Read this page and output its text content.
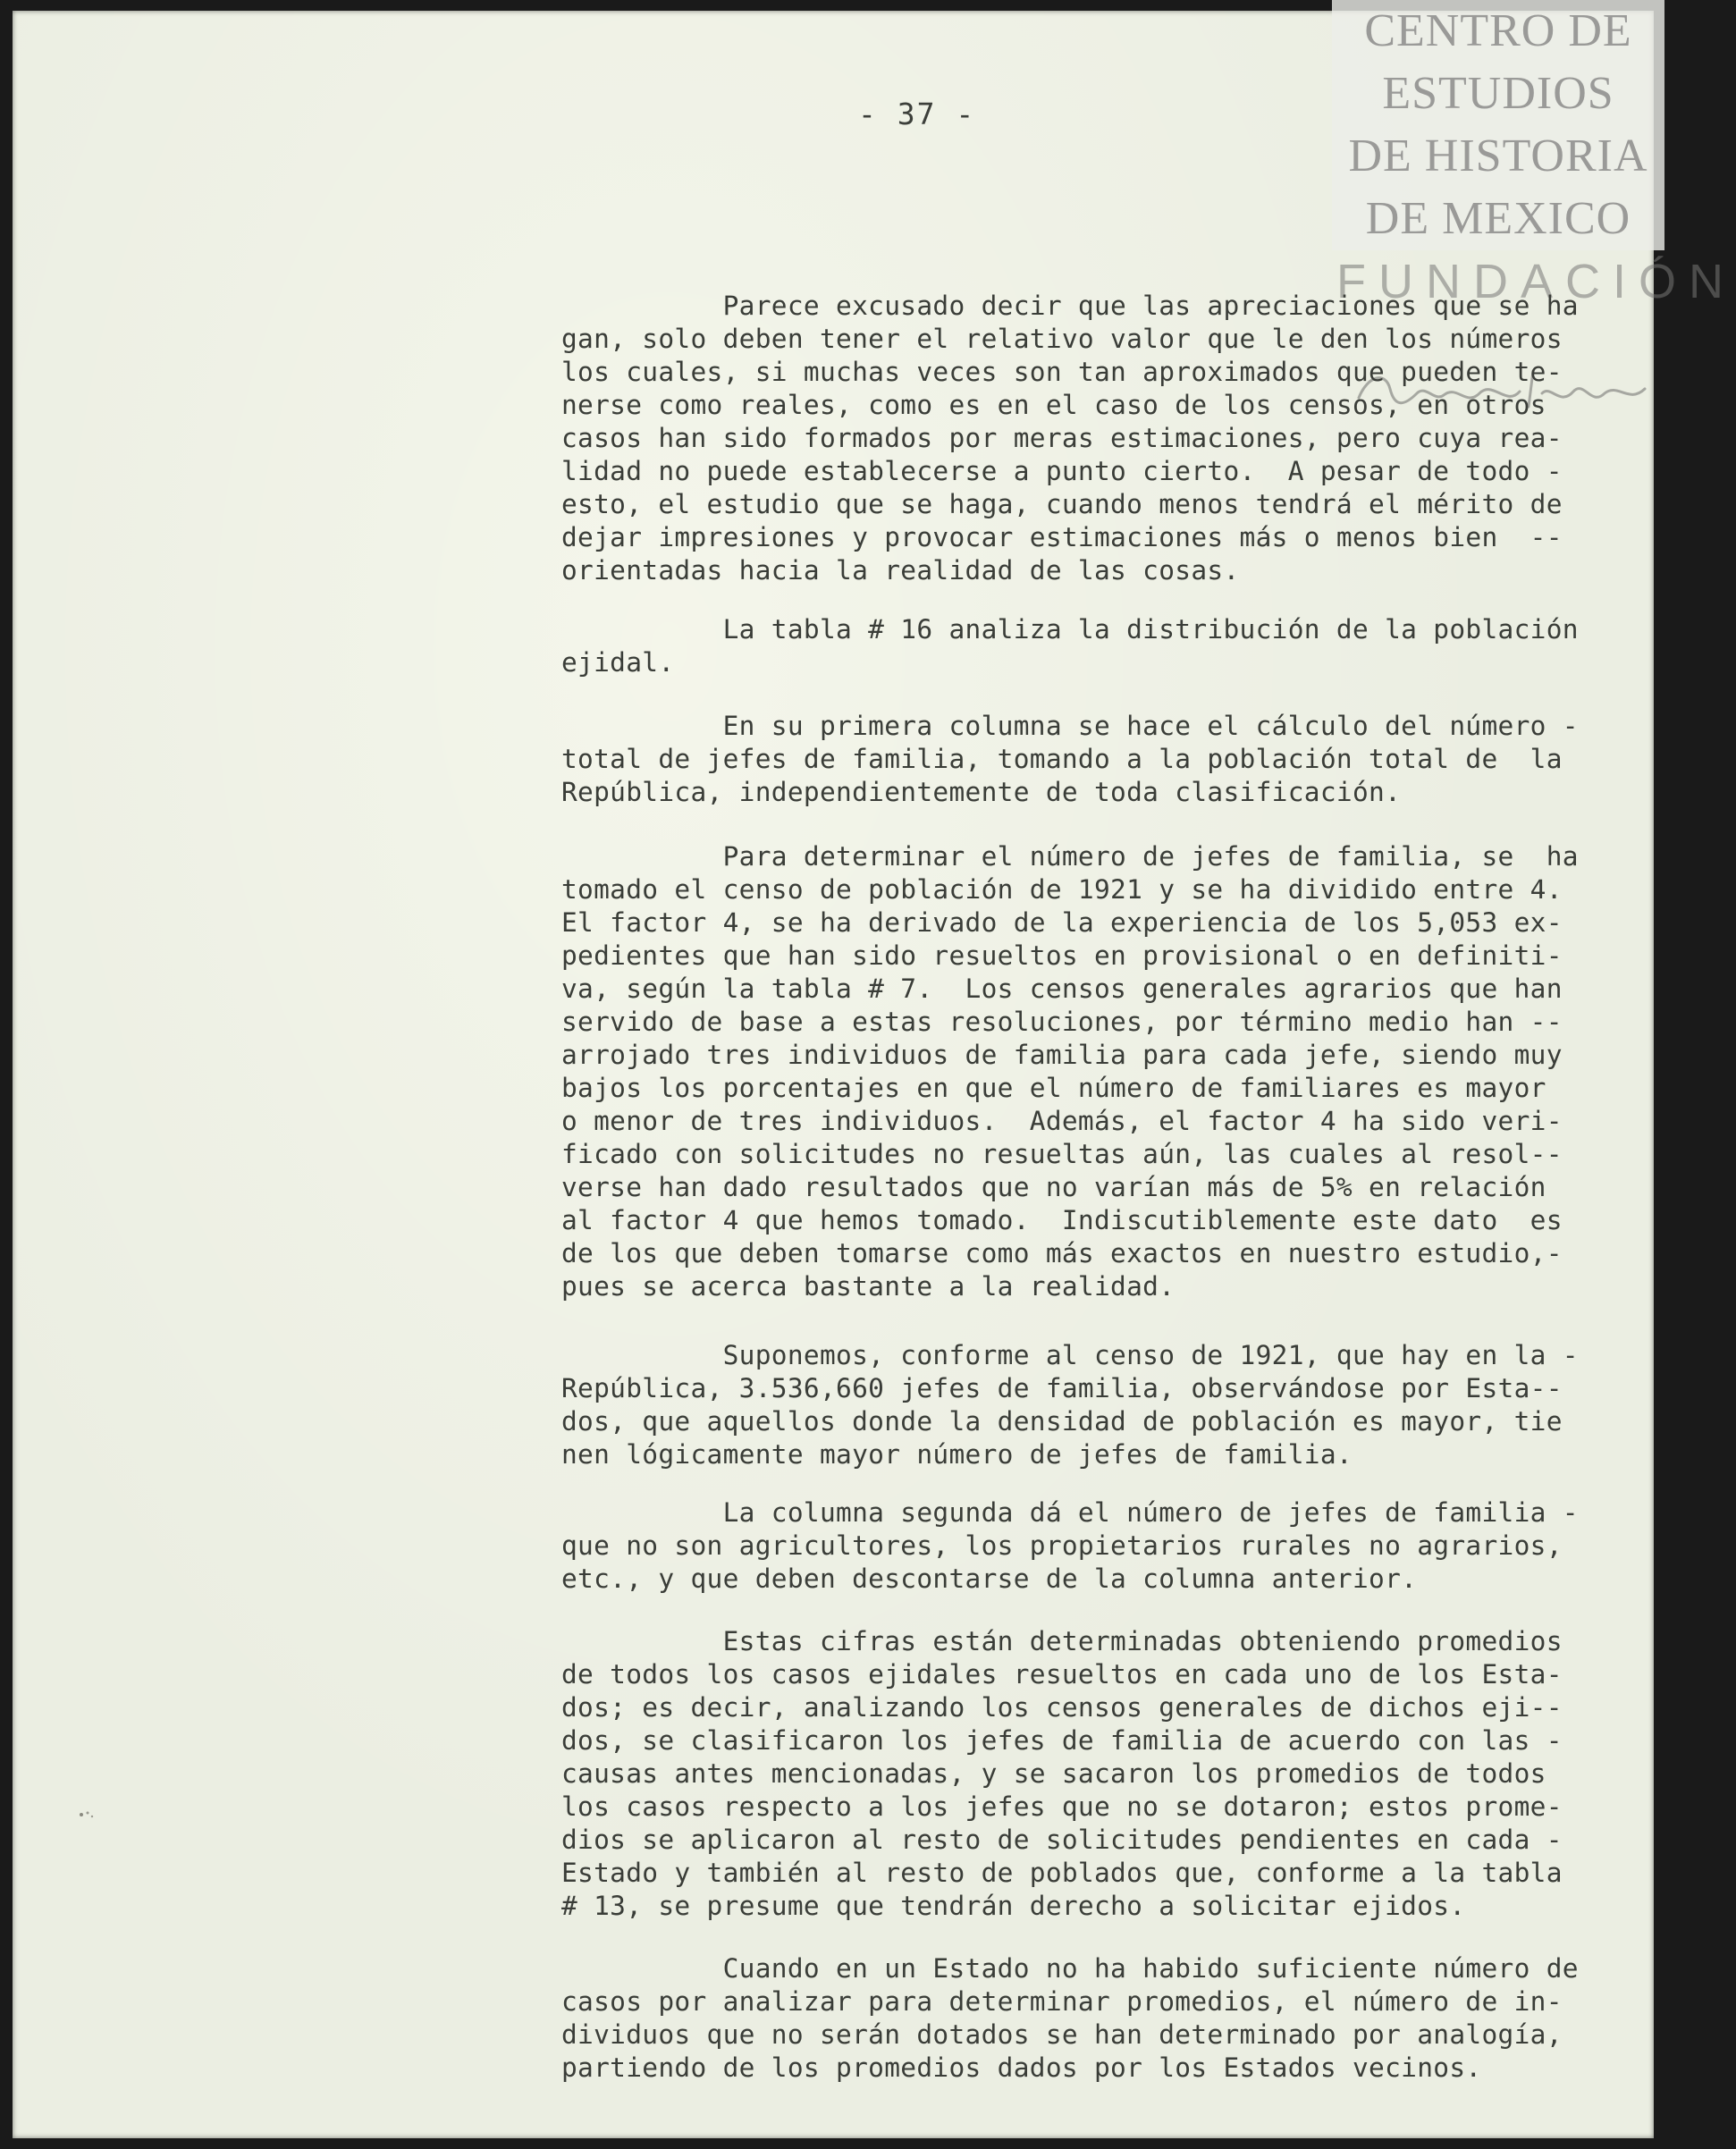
CENTRO DE
ESTUDIOS
DE HISTORIA
DE MEXICO
FUNDACIÓN
- 37 -
Parece excusado decir que las apreciaciones que se ha
gan, solo deben tener el relativo valor que le den los números
los cuales, si muchas veces son tan aproximados que pueden te-
nerse como reales, como es en el caso de los censos, en otros
casos han sido formados por meras estimaciones, pero cuya rea-
lidad no puede establecerse a punto cierto.  A pesar de todo -
esto, el estudio que se haga, cuando menos tendrá el mérito de
dejar impresiones y provocar estimaciones más o menos bien  --
orientadas hacia la realidad de las cosas.
La tabla # 16 analiza la distribución de la población
ejidal.
En su primera columna se hace el cálculo del número -
total de jefes de familia, tomando a la población total de  la
República, independientemente de toda clasificación.
Para determinar el número de jefes de familia, se  ha
tomado el censo de población de 1921 y se ha dividido entre 4.
El factor 4, se ha derivado de la experiencia de los 5,053 ex-
pedientes que han sido resueltos en provisional o en definiti-
va, según la tabla # 7.  Los censos generales agrarios que han
servido de base a estas resoluciones, por término medio han --
arrojado tres individuos de familia para cada jefe, siendo muy
bajos los porcentajes en que el número de familiares es mayor
o menor de tres individuos.  Además, el factor 4 ha sido veri-
ficado con solicitudes no resueltas aún, las cuales al resol--
verse han dado resultados que no varían más de 5% en relación
al factor 4 que hemos tomado.  Indiscutiblemente este dato  es
de los que deben tomarse como más exactos en nuestro estudio,-
pues se acerca bastante a la realidad.
Suponemos, conforme al censo de 1921, que hay en la -
República, 3.536,660 jefes de familia, observándose por Esta--
dos, que aquellos donde la densidad de población es mayor, tie
nen lógicamente mayor número de jefes de familia.
La columna segunda dá el número de jefes de familia -
que no son agricultores, los propietarios rurales no agrarios,
etc., y que deben descontarse de la columna anterior.
Estas cifras están determinadas obteniendo promedios
de todos los casos ejidales resueltos en cada uno de los Esta-
dos; es decir, analizando los censos generales de dichos eji--
dos, se clasificaron los jefes de familia de acuerdo con las -
causas antes mencionadas, y se sacaron los promedios de todos
los casos respecto a los jefes que no se dotaron; estos prome-
dios se aplicaron al resto de solicitudes pendientes en cada -
Estado y también al resto de poblados que, conforme a la tabla
# 13, se presume que tendrán derecho a solicitar ejidos.
Cuando en un Estado no ha habido suficiente número de
casos por analizar para determinar promedios, el número de in-
dividuos que no serán dotados se han determinado por analogía,
partiendo de los promedios dados por los Estados vecinos.
